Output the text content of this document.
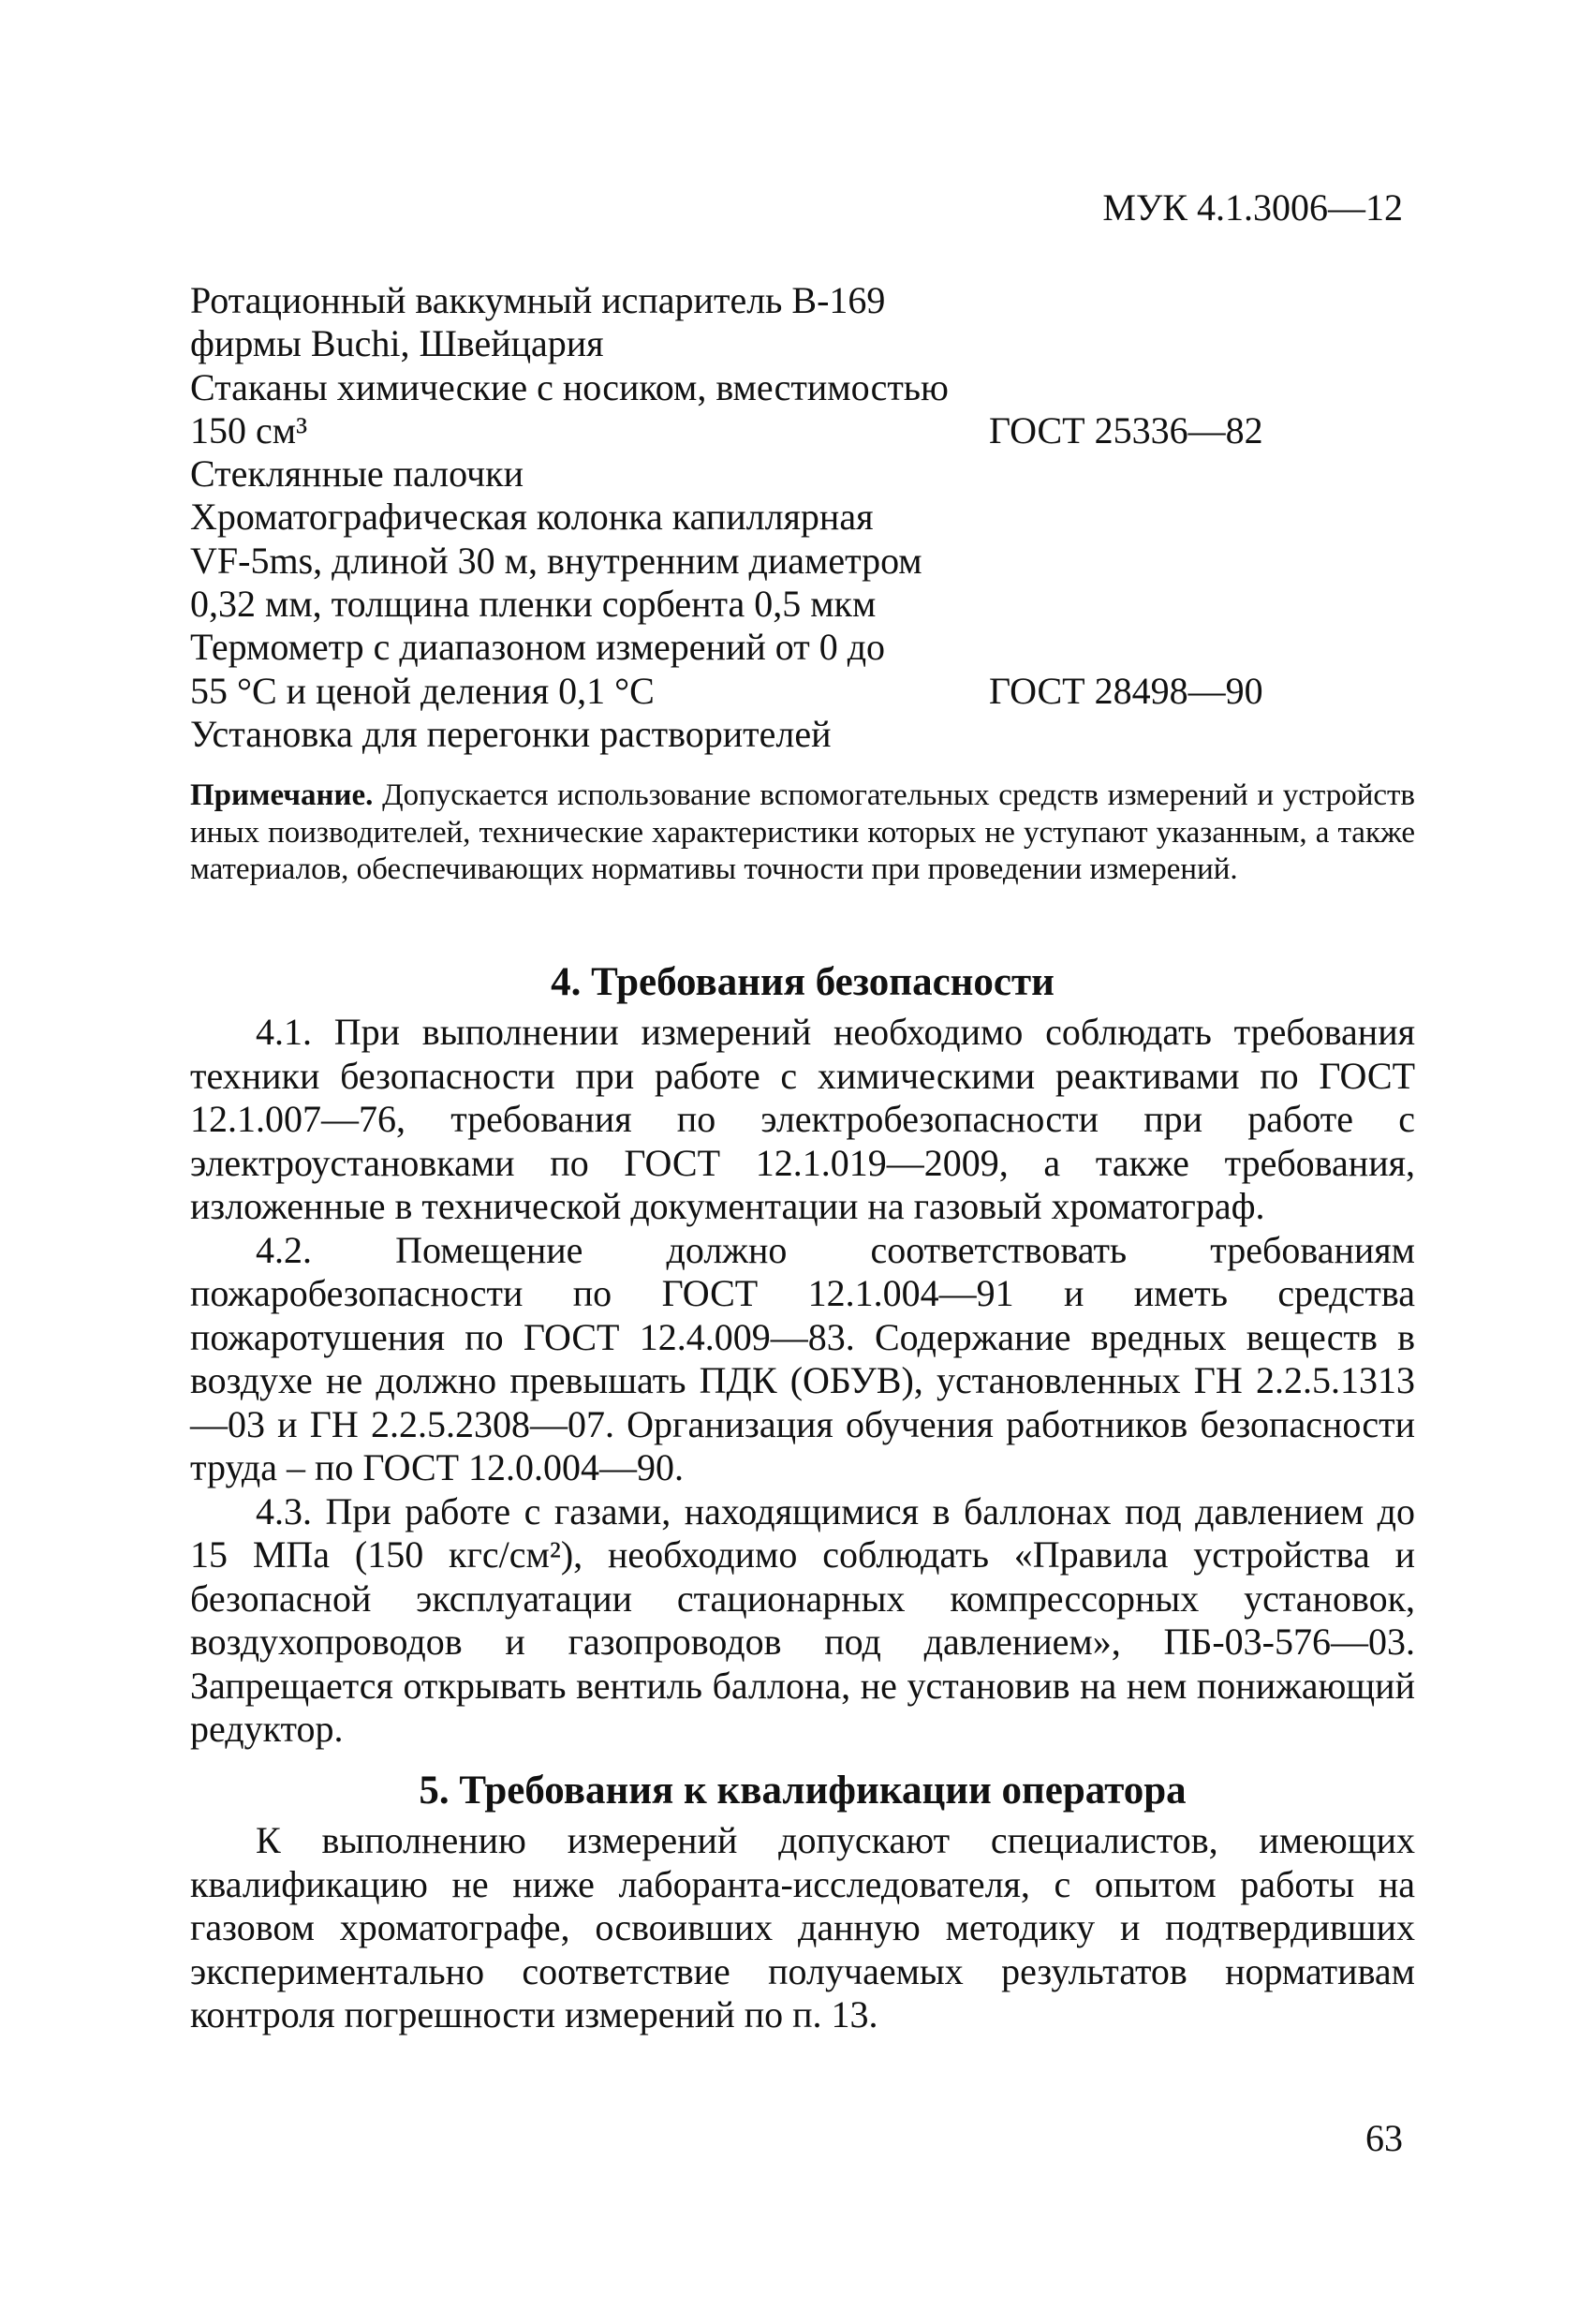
МУК 4.1.3006—12
Ротационный ваккумный испаритель В-169
фирмы Buchi, Швейцария
Стаканы химические с носиком, вместимостью
150 см³	ГОСТ 25336—82
Стеклянные палочки
Хроматографическая колонка капиллярная
VF-5ms, длиной 30 м, внутренним диаметром
0,32 мм, толщина пленки сорбента 0,5 мкм
Термометр с диапазоном измерений от 0 до
55 °С и ценой деления 0,1 °С	ГОСТ 28498—90
Установка для перегонки растворителей
Примечание. Допускается использование вспомогательных средств измерений и устройств иных поизводителей, технические характеристики которых не уступают указанным, а также материалов, обеспечивающих нормативы точности при проведении измерений.
4. Требования безопасности

4.1. При выполнении измерений необходимо соблюдать требования техники безопасности при работе с химическими реактивами по ГОСТ 12.1.007—76, требования по электробезопасности при работе с электроустановками по ГОСТ 12.1.019—2009, а также требования, изложенные в технической документации на газовый хроматограф.

4.2. Помещение должно соответствовать требованиям пожаробезопасности по ГОСТ 12.1.004—91 и иметь средства пожаротушения по ГОСТ 12.4.009—83. Содержание вредных веществ в воздухе не должно превышать ПДК (ОБУВ), установленных ГН 2.2.5.1313—03 и ГН 2.2.5.2308—07. Организация обучения работников безопасности труда – по ГОСТ 12.0.004—90.

4.3. При работе с газами, находящимися в баллонах под давлением до 15 МПа (150 кгс/см²), необходимо соблюдать «Правила устройства и безопасной эксплуатации стационарных компрессорных установок, воздухопроводов и газопроводов под давлением», ПБ-03-576—03. Запрещается открывать вентиль баллона, не установив на нем понижающий редуктор.

5. Требования к квалификации оператора

К выполнению измерений допускают специалистов, имеющих квалификацию не ниже лаборанта-исследователя, с опытом работы на газовом хроматографе, освоивших данную методику и подтвердивших экспериментально соответствие получаемых результатов нормативам контроля погрешности измерений по п. 13.

63
